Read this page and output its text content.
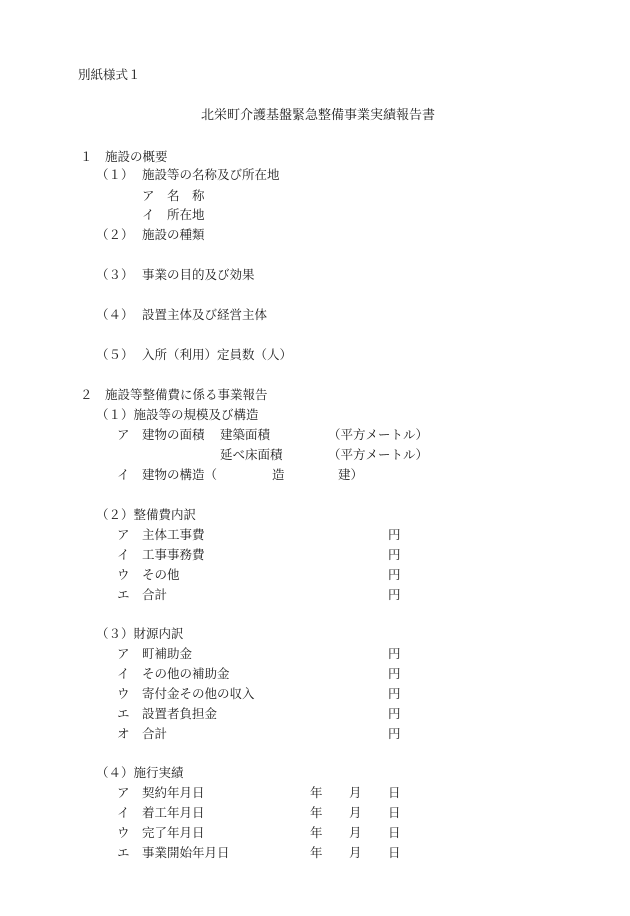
別紙様式１
北栄町介護基盤緊急整備事業実績報告書
１　施設の概要
（１） 施設等の名称及び所在地
ア　名　称
イ　所在地
（２） 施設の種類
（３） 事業の目的及び効果
（４） 設置主体及び経営主体
（５） 入所（利用）定員数（人）
２　施設等整備費に係る事業報告
（１）施設等の規模及び構造
ア 建物の面積 建築面積	（平方メートル）
延べ床面積	（平方メートル）
イ 建物の構造（	造	建）
（２）整備費内訳
ア 主体工事費	円
イ 工事事務費	円
ウ その他	円
エ 合計	円
（３）財源内訳
ア 町補助金	円
イ その他の補助金	円
ウ 寄付金その他の収入	円
エ 設置者負担金	円
オ 合計	円
（４）施行実績
ア 契約年月日	年 月 日
イ 着工年月日	年 月 日
ウ 完了年月日	年 月 日
エ 事業開始年月日	年 月 日
